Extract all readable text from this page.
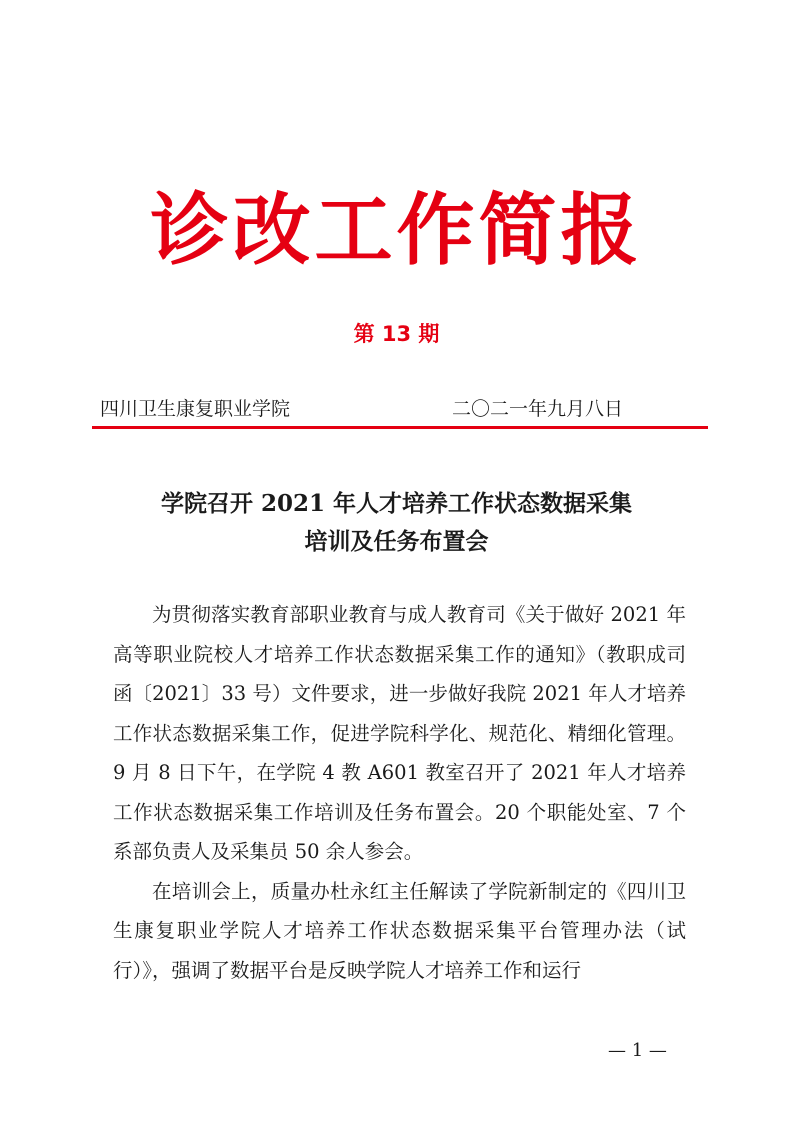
诊改工作简报
第 13 期
四川卫生康复职业学院	二〇二一年九月八日
学院召开 2021 年人才培养工作状态数据采集
培训及任务布置会

为贯彻落实教育部职业教育与成人教育司《关于做好 2021 年高等职业院校人才培养工作状态数据采集工作的通知》（教职成司函〔2021〕33 号）文件要求，进一步做好我院 2021 年人才培养工作状态数据采集工作，促进学院科学化、规范化、精细化管理。9 月 8 日下午，在学院 4 教 A601 教室召开了 2021 年人才培养工作状态数据采集工作培训及任务布置会。20 个职能处室、7 个系部负责人及采集员 50 余人参会。

在培训会上，质量办杜永红主任解读了学院新制定的《四川卫生康复职业学院人才培养工作状态数据采集平台管理办法（试行）》，强调了数据平台是反映学院人才培养工作和运行

— 1 —
